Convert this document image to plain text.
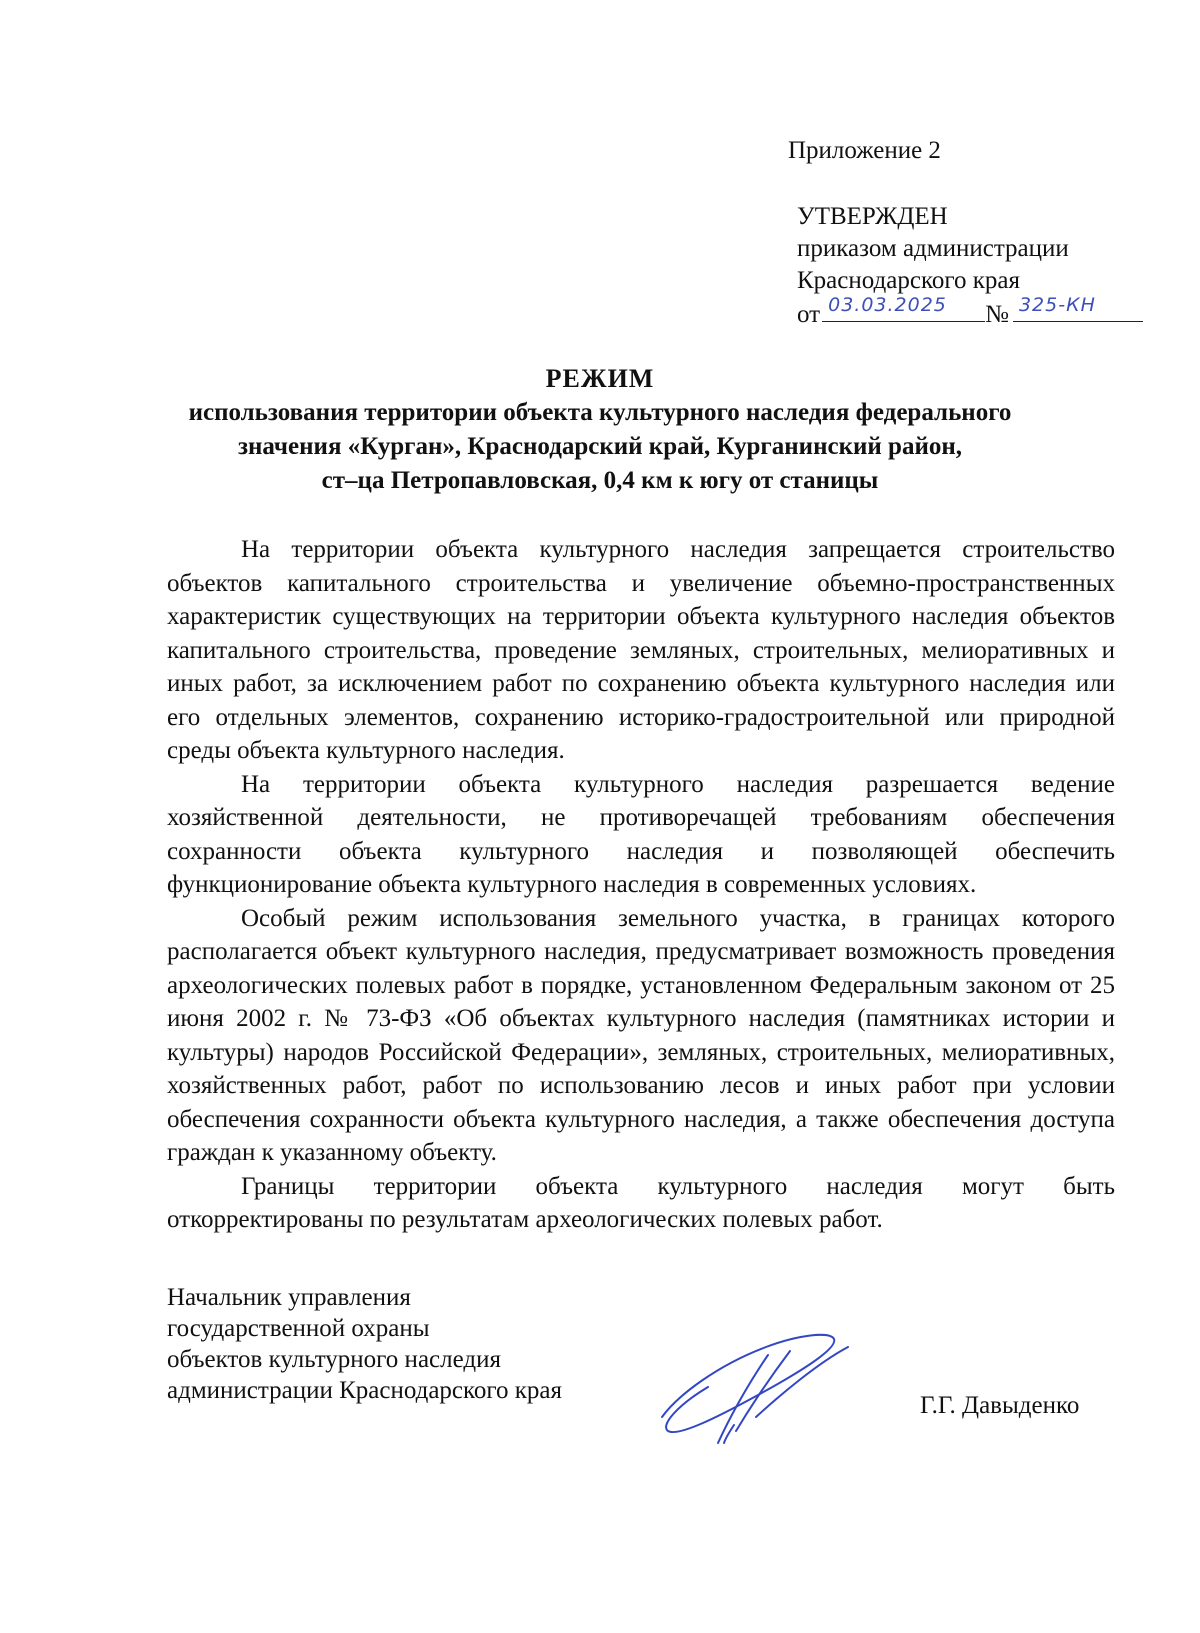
Приложение 2
УТВЕРЖДЕН
приказом администрации
Краснодарского края
от 03.03.2025 № 325-КН
РЕЖИМ
использования территории объекта культурного наследия федерального
значения «Курган», Краснодарский край, Курганинский район,
ст–ца Петропавловская, 0,4 км к югу от станицы

На территории объекта культурного наследия запрещается строительство объектов капитального строительства и увеличение объемно-пространственных характеристик существующих на территории объекта культурного наследия объектов капитального строительства, проведение земляных, строительных, мелиоративных и иных работ, за исключением работ по сохранению объекта культурного наследия или его отдельных элементов, сохранению историко-градостроительной или природной среды объекта культурного наследия.

На территории объекта культурного наследия разрешается ведение хозяйственной деятельности, не противоречащей требованиям обеспечения сохранности объекта культурного наследия и позволяющей обеспечить функционирование объекта культурного наследия в современных условиях.

Особый режим использования земельного участка, в границах которого располагается объект культурного наследия, предусматривает возможность проведения археологических полевых работ в порядке, установленном Федеральным законом от 25 июня 2002 г. № 73-ФЗ «Об объектах культурного наследия (памятниках истории и культуры) народов Российской Федерации», земляных, строительных, мелиоративных, хозяйственных работ, работ по использованию лесов и иных работ при условии обеспечения сохранности объекта культурного наследия, а также обеспечения доступа граждан к указанному объекту.

Границы территории объекта культурного наследия могут быть откорректированы по результатам археологических полевых работ.

Начальник управления
государственной охраны
объектов культурного наследия
администрации Краснодарского края
Г.Г. Давыденко
